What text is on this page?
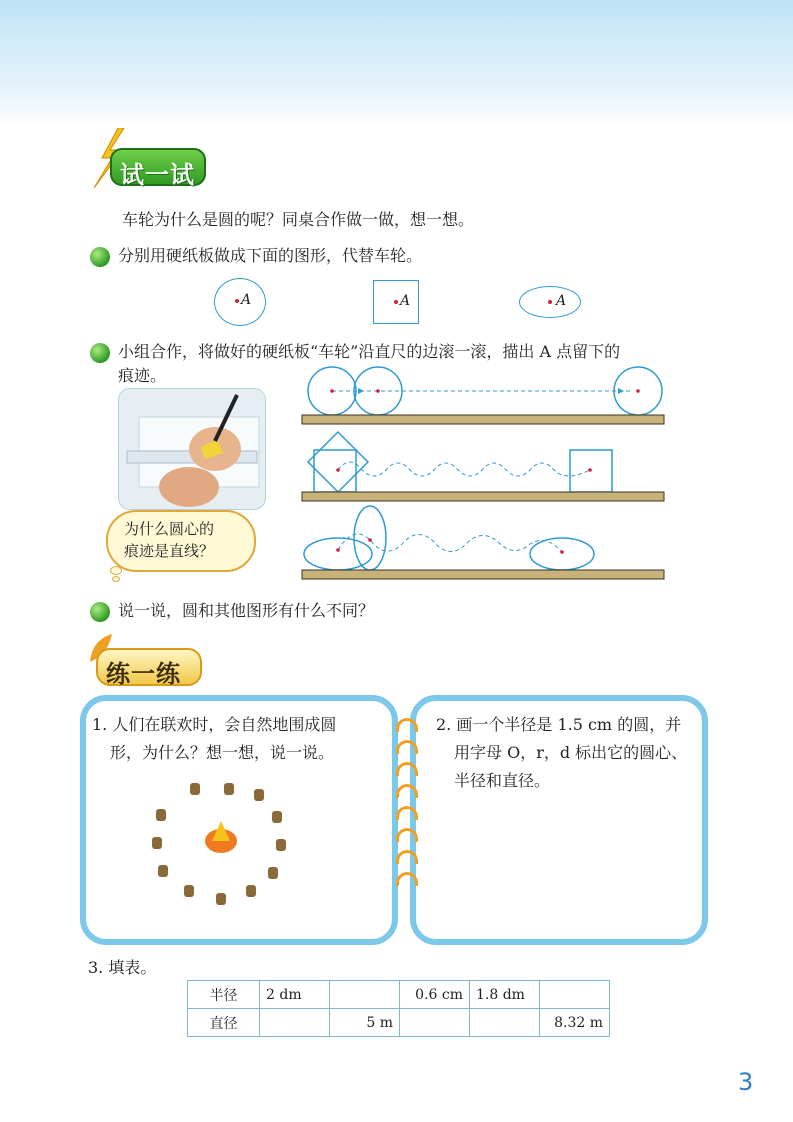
试一试
车轮为什么是圆的呢？同桌合作做一做，想一想。
分别用硬纸板做成下面的图形，代替车轮。
A	A	A
小组合作，将做好的硬纸板“车轮”沿直尺的边滚一滚，描出 A 点留下的
痕迹。
为什么圆心的
痕迹是直线？
说一说，圆和其他图形有什么不同？
练一练
1. 人们在联欢时，会自然地围成圆
形，为什么？想一想，说一说。
2. 画一个半径是 1.5 cm 的圆，并
用字母 O，r，d 标出它的圆心、
半径和直径。
3. 填表。
半径	2 dm		0.6 cm	1.8 dm	
直径		5 m			8.32 m
3
